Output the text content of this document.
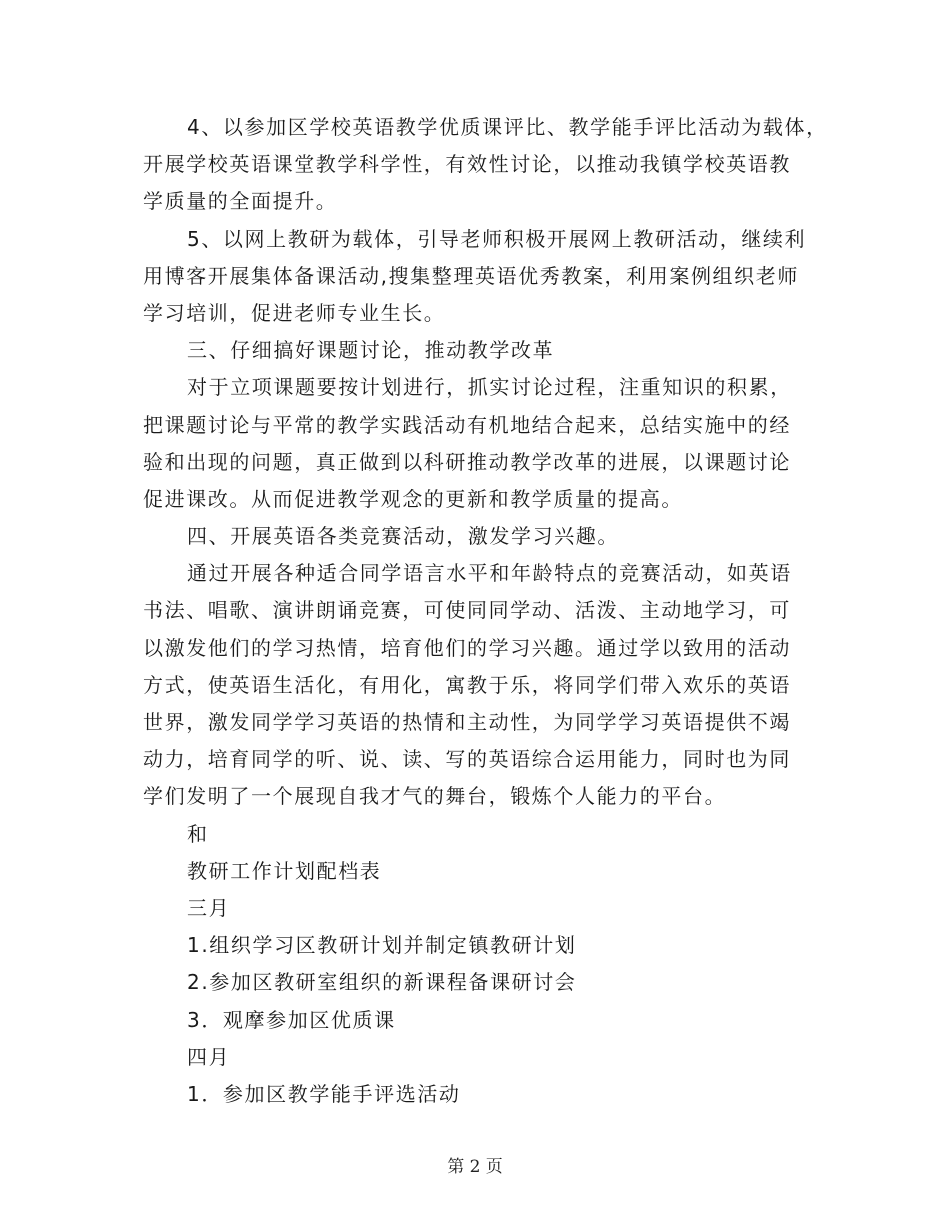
4、以参加区学校英语教学优质课评比、教学能手评比活动为载体，
开展学校英语课堂教学科学性，有效性讨论，以推动我镇学校英语教
学质量的全面提升。
5、以网上教研为载体，引导老师积极开展网上教研活动，继续利
用博客开展集体备课活动,搜集整理英语优秀教案，利用案例组织老师
学习培训，促进老师专业生长。
三、仔细搞好课题讨论，推动教学改革
对于立项课题要按计划进行，抓实讨论过程，注重知识的积累，
把课题讨论与平常的教学实践活动有机地结合起来，总结实施中的经
验和出现的问题，真正做到以科研推动教学改革的进展，以课题讨论
促进课改。从而促进教学观念的更新和教学质量的提高。
四、开展英语各类竞赛活动，激发学习兴趣。
通过开展各种适合同学语言水平和年龄特点的竞赛活动，如英语
书法、唱歌、演讲朗诵竞赛，可使同同学动、活泼、主动地学习，可
以激发他们的学习热情，培育他们的学习兴趣。通过学以致用的活动
方式，使英语生活化，有用化，寓教于乐，将同学们带入欢乐的英语
世界，激发同学学习英语的热情和主动性，为同学学习英语提供不竭
动力，培育同学的听、说、读、写的英语综合运用能力，同时也为同
学们发明了一个展现自我才气的舞台，锻炼个人能力的平台。
和
教研工作计划配档表
三月
1.组织学习区教研计划并制定镇教研计划
2.参加区教研室组织的新课程备课研讨会
3．观摩参加区优质课
四月
1．参加区教学能手评选活动
第 2 页
